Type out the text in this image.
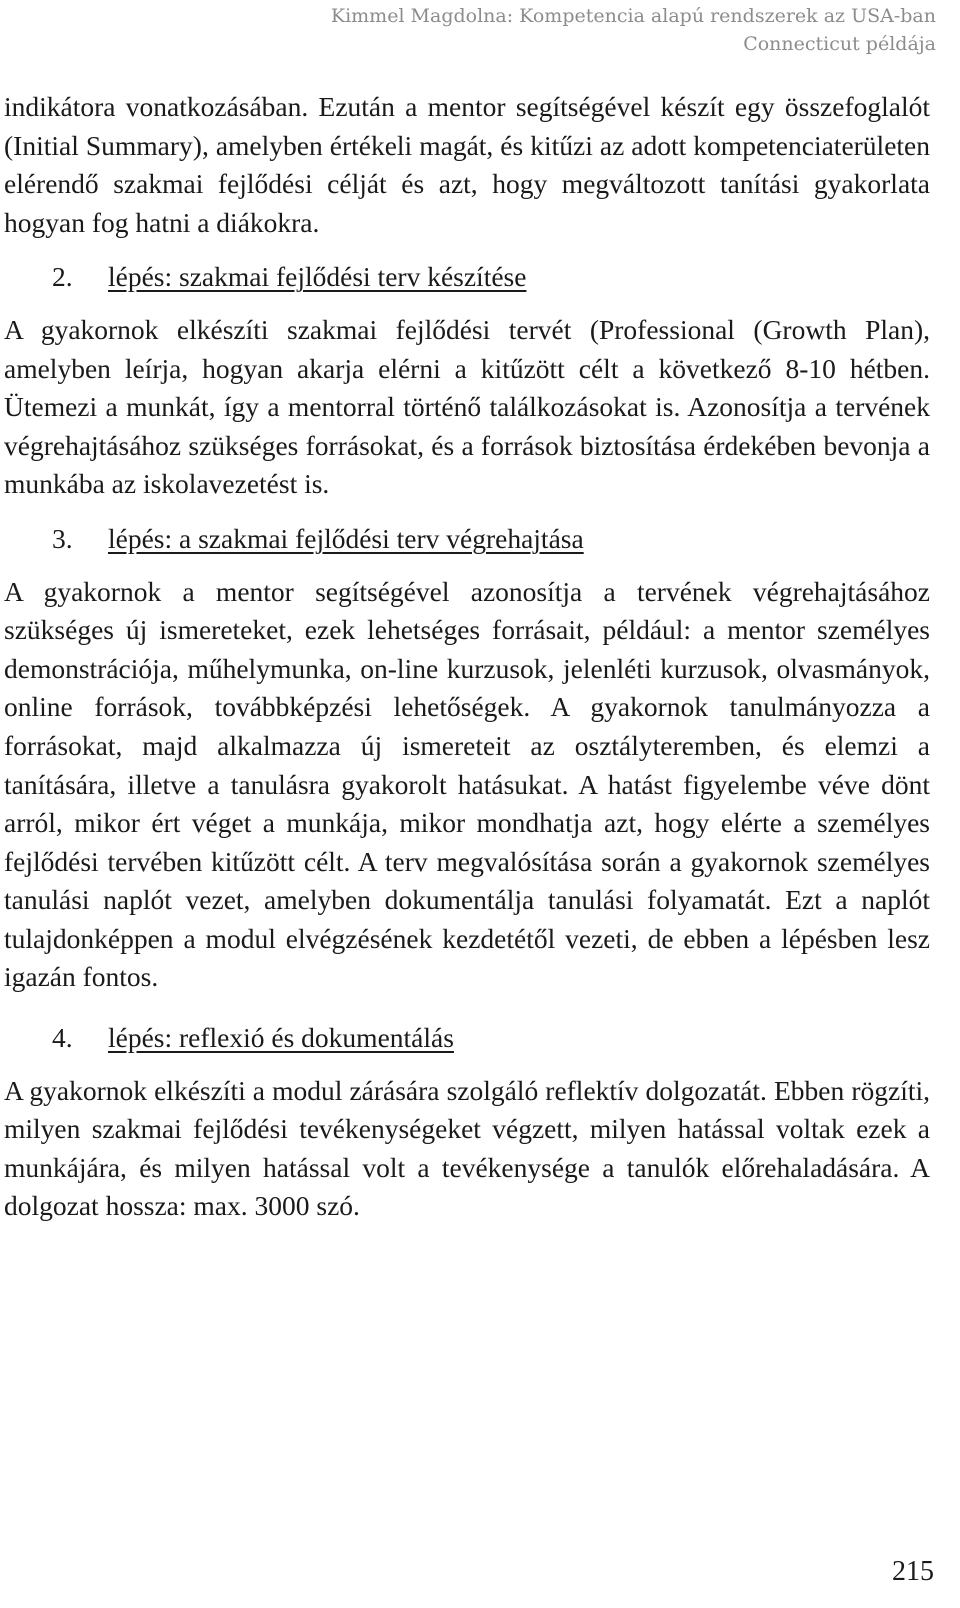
Kimmel Magdolna: Kompetencia alapú rendszerek az USA-ban
Connecticut példája

indikátora vonatkozásában. Ezután a mentor segítségével készít egy összefoglalót (Initial Summary), amelyben értékeli magát, és kitűzi az adott kompetenciaterületen elérendő szakmai fejlődési célját és azt, hogy megváltozott tanítási gyakorlata hogyan fog hatni a diákokra.

2. lépés: szakmai fejlődési terv készítése

A gyakornok elkészíti szakmai fejlődési tervét (Professional (Growth Plan), amelyben leírja, hogyan akarja elérni a kitűzött célt a következő 8-10 hétben. Ütemezi a munkát, így a mentorral történő találkozásokat is. Azonosítja a tervének végrehajtásához szükséges forrásokat, és a források biztosítása érdekében bevonja a munkába az iskolavezetést is.

3. lépés: a szakmai fejlődési terv végrehajtása

A gyakornok a mentor segítségével azonosítja a tervének végrehajtásához szükséges új ismereteket, ezek lehetséges forrásait, például: a mentor személyes demonstrációja, műhelymunka, on-line kurzusok, jelenléti kurzusok, olvasmányok, online források, továbbképzési lehetőségek. A gyakornok tanulmányozza a forrásokat, majd alkalmazza új ismereteit az osztályteremben, és elemzi a tanítására, illetve a tanulásra gyakorolt hatásukat. A hatást figyelembe véve dönt arról, mikor ért véget a munkája, mikor mondhatja azt, hogy elérte a személyes fejlődési tervében kitűzött célt. A terv megvalósítása során a gyakornok személyes tanulási naplót vezet, amelyben dokumentálja tanulási folyamatát. Ezt a naplót tulajdonképpen a modul elvégzésének kezdetétől vezeti, de ebben a lépésben lesz igazán fontos.

4. lépés: reflexió és dokumentálás

A gyakornok elkészíti a modul zárására szolgáló reflektív dolgozatát. Ebben rögzíti, milyen szakmai fejlődési tevékenységeket végzett, milyen hatással voltak ezek a munkájára, és milyen hatással volt a tevékenysége a tanulók előrehaladására. A dolgozat hossza: max. 3000 szó.

215
